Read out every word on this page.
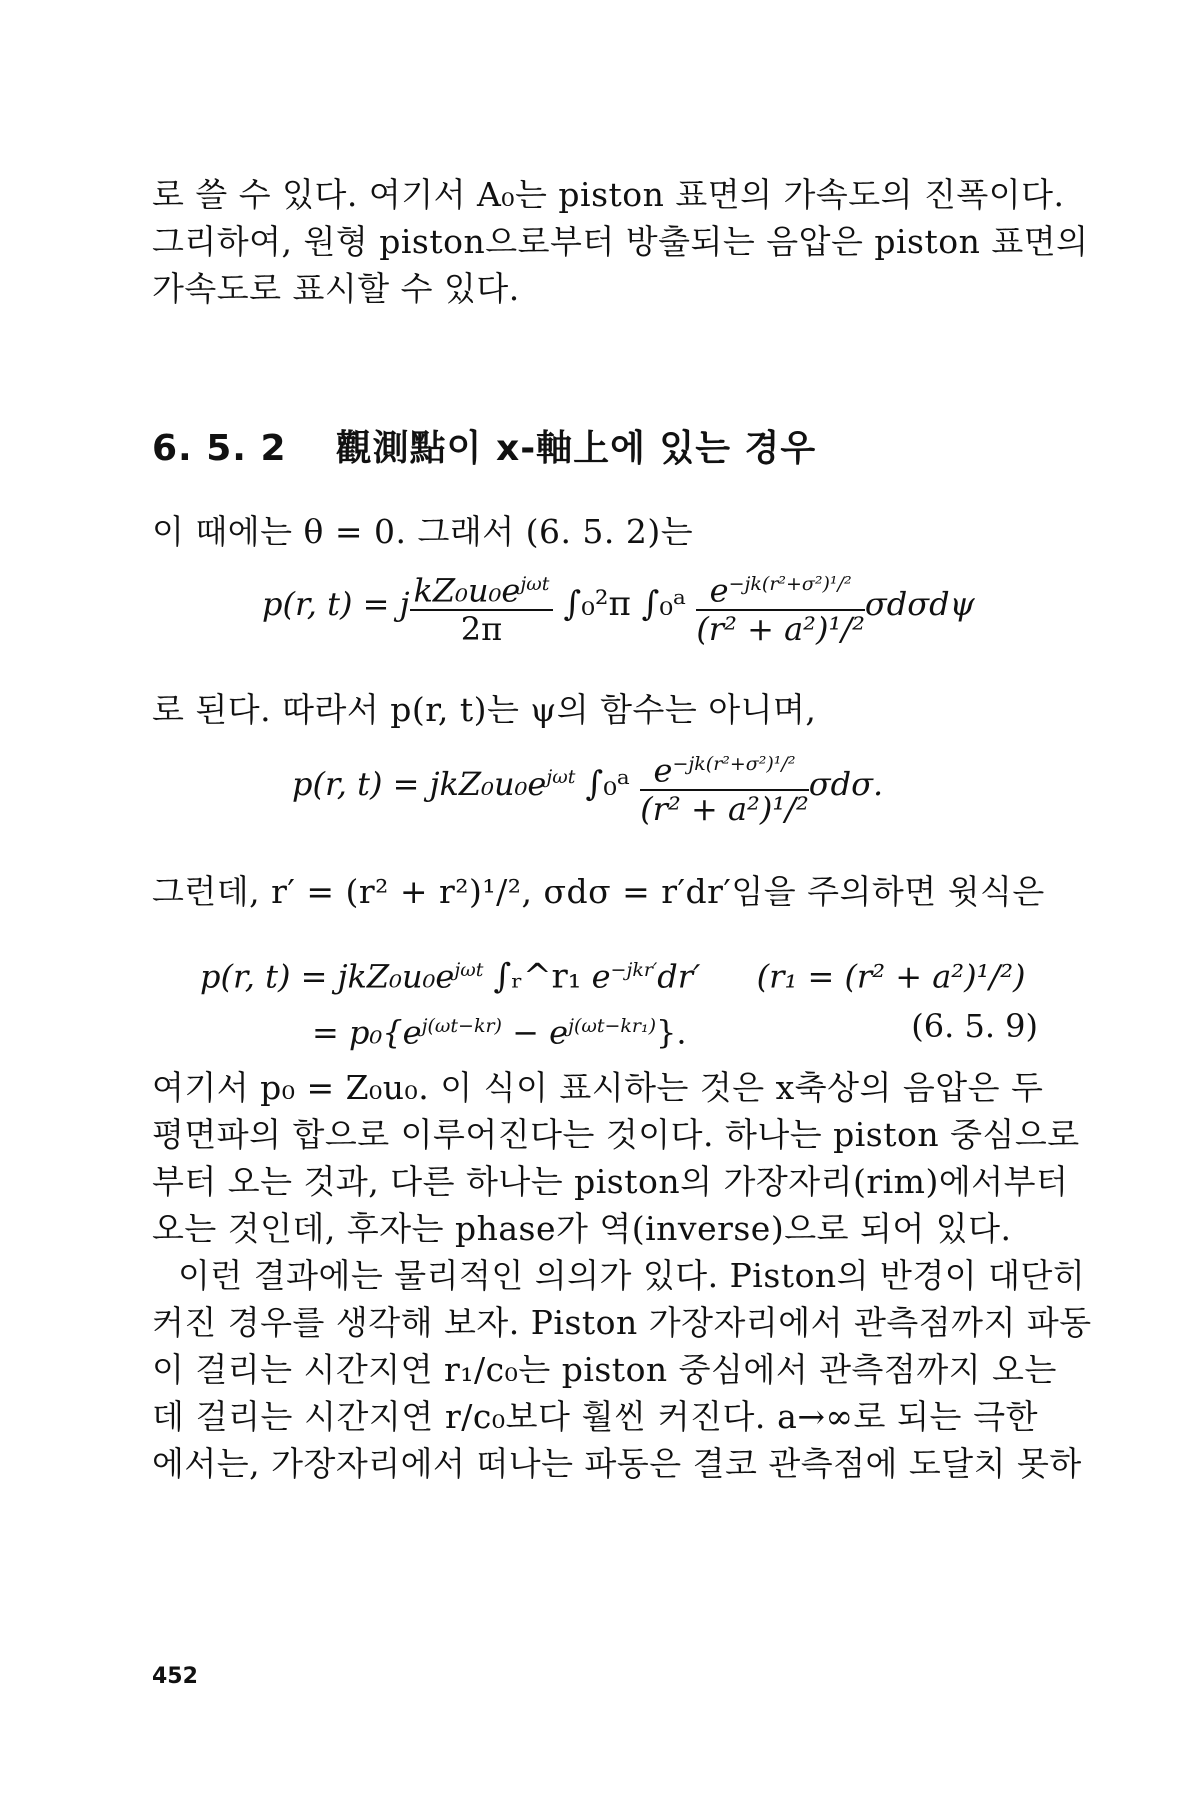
로 쓸 수 있다. 여기서 A₀는 piston 표면의 가속도의 진폭이다.
그리하여, 원형 piston으로부터 방출되는 음압은 piston 표면의
가속도로 표시할 수 있다.
6. 5. 2 觀測點이 x-軸上에 있는 경우
이 때에는 θ = 0. 그래서 (6. 5. 2)는
p(r, t) = j $\frac{kZ_0u_0e^{j\omega t}}{2\pi} \int_0^2\pi$ ∫₀ᵃ $\frac{e^{-jk(r^2+\sigma^2)^1/^2}}{\text{(r² + a²)¹/²}}$ σdσdψ
로 된다. 따라서 p(r, t)는 ψ의 함수는 아니며,
p(r, $t) = jkZ_0u_0e^{j\omega t}$ ∫₀ᵃ $\frac{e^{-jk(r^2+\sigma^2)^1/^2}}{\text{(r² + a²)¹/²}} \sigma d\sigma$.
그런데, r′ = (r² + r²)¹/², σdσ = r′dr′임을 주의하면 윗식은
p(r, $t) = jkZ_0u_0e^{j\omega t}$ ∫ᵣ^r₁ $e^{-jkr'}dr'$ (r₁ = (r² + a²)¹/²)
= $p_0\{e^{j(\omega t-kr)} - e^{j(\omega t-kr_1)}\}$.	(6. 5. 9)
여기서 p₀ = Z₀u₀. 이 식이 표시하는 것은 x축상의 음압은 두
평면파의 합으로 이루어진다는 것이다. 하나는 piston 중심으로
부터 오는 것과, 다른 하나는 piston의 가장자리(rim)에서부터
오는 것인데, 후자는 phase가 역(inverse)으로 되어 있다.
이런 결과에는 물리적인 의의가 있다. Piston의 반경이 대단히
커진 경우를 생각해 보자. Piston 가장자리에서 관측점까지 파동
이 걸리는 시간지연 r₁/c₀는 piston 중심에서 관측점까지 오는
데 걸리는 시간지연 r/c₀보다 훨씬 커진다. a→∞로 되는 극한
에서는, 가장자리에서 떠나는 파동은 결코 관측점에 도달치 못하
452
